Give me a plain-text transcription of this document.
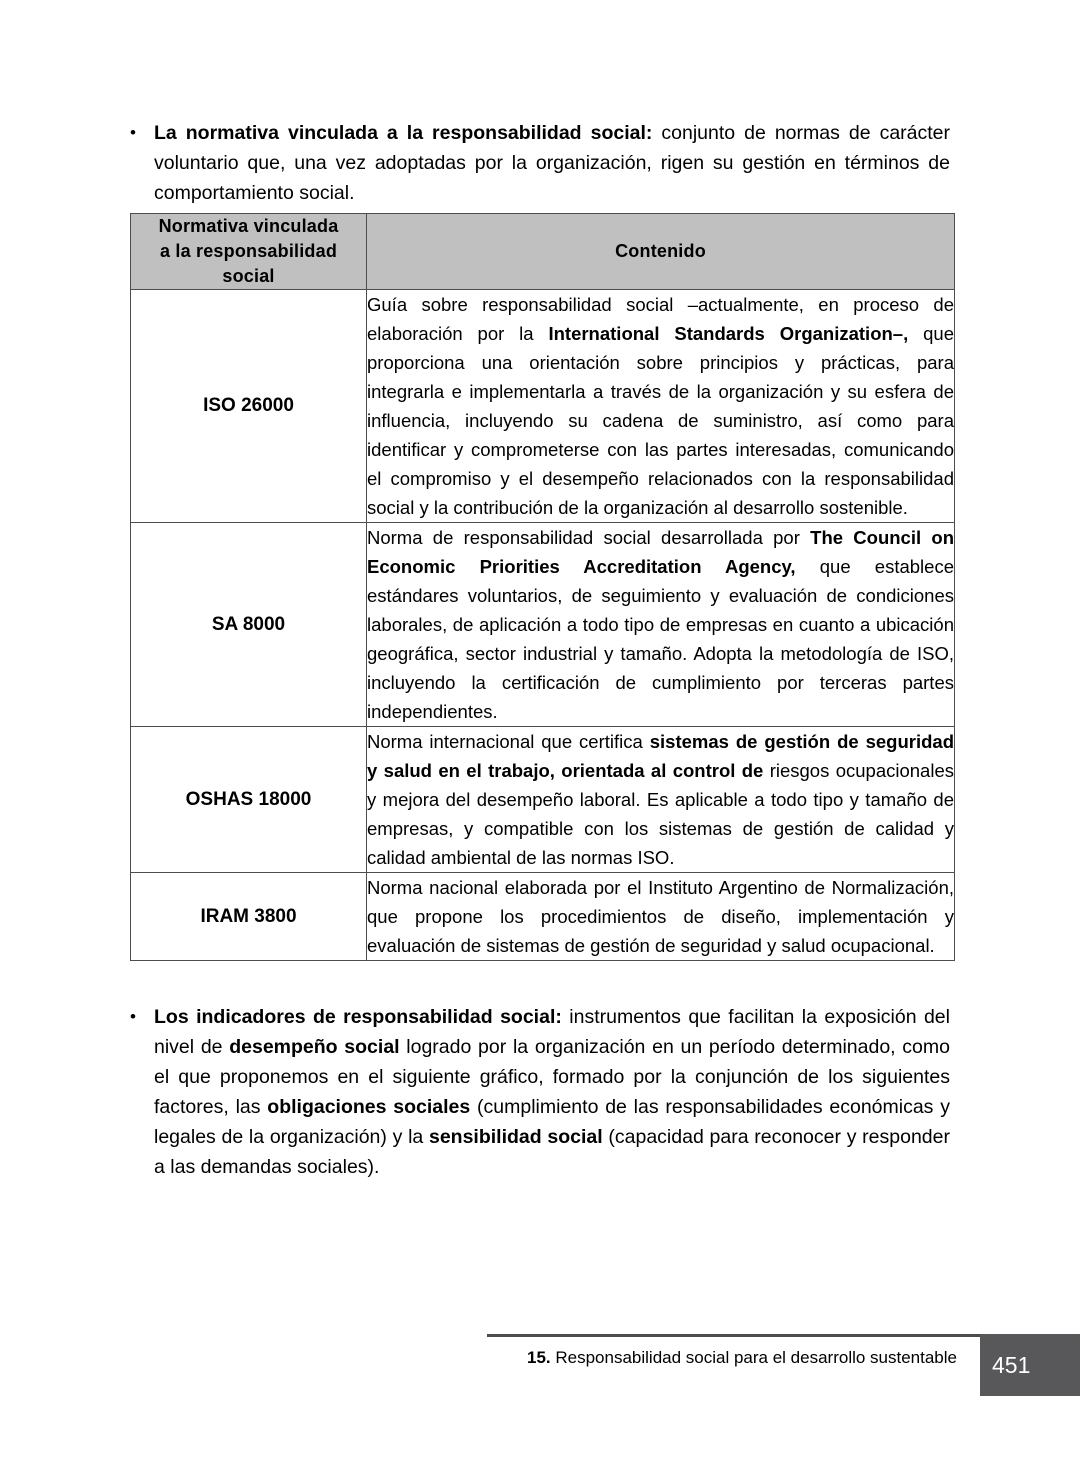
• La normativa vinculada a la responsabilidad social: conjunto de normas de carácter voluntario que, una vez adoptadas por la organización, rigen su gestión en términos de comportamiento social.
Normativa vinculada
a la responsabilidad
social	Contenido

ISO 26000	Guía sobre responsabilidad social –actualmente, en proceso de elaboración por la International Standards Organization–, que proporciona una orientación sobre principios y prácticas, para integrarla e implementarla a través de la organización y su esfera de influencia, incluyendo su cadena de suministro, así como para identificar y comprometerse con las partes interesadas, comunicando el compromiso y el desempeño relacionados con la responsabilidad social y la contribución de la organización al desarrollo sostenible.
SA 8000	Norma de responsabilidad social desarrollada por The Council on Economic Priorities Accreditation Agency, que establece estándares voluntarios, de seguimiento y evaluación de condiciones laborales, de aplicación a todo tipo de empresas en cuanto a ubicación geográfica, sector industrial y tamaño. Adopta la metodología de ISO, incluyendo la certificación de cumplimiento por terceras partes independientes.
OSHAS 18000	Norma internacional que certifica sistemas de gestión de seguridad y salud en el trabajo, orientada al control de riesgos ocupacionales y mejora del desempeño laboral. Es aplicable a todo tipo y tamaño de empresas, y compatible con los sistemas de gestión de calidad y calidad ambiental de las normas ISO.
IRAM 3800	Norma nacional elaborada por el Instituto Argentino de Normalización, que propone los procedimientos de diseño, implementación y evaluación de sistemas de gestión de seguridad y salud ocupacional.
• Los indicadores de responsabilidad social: instrumentos que facilitan la exposición del nivel de desempeño social logrado por la organización en un período determinado, como el que proponemos en el siguiente gráfico, formado por la conjunción de los siguientes factores, las obligaciones sociales (cumplimiento de las responsabilidades económicas y legales de la organización) y la sensibilidad social (capacidad para reconocer y responder a las demandas sociales).
15. Responsabilidad social para el desarrollo sustentable	451
